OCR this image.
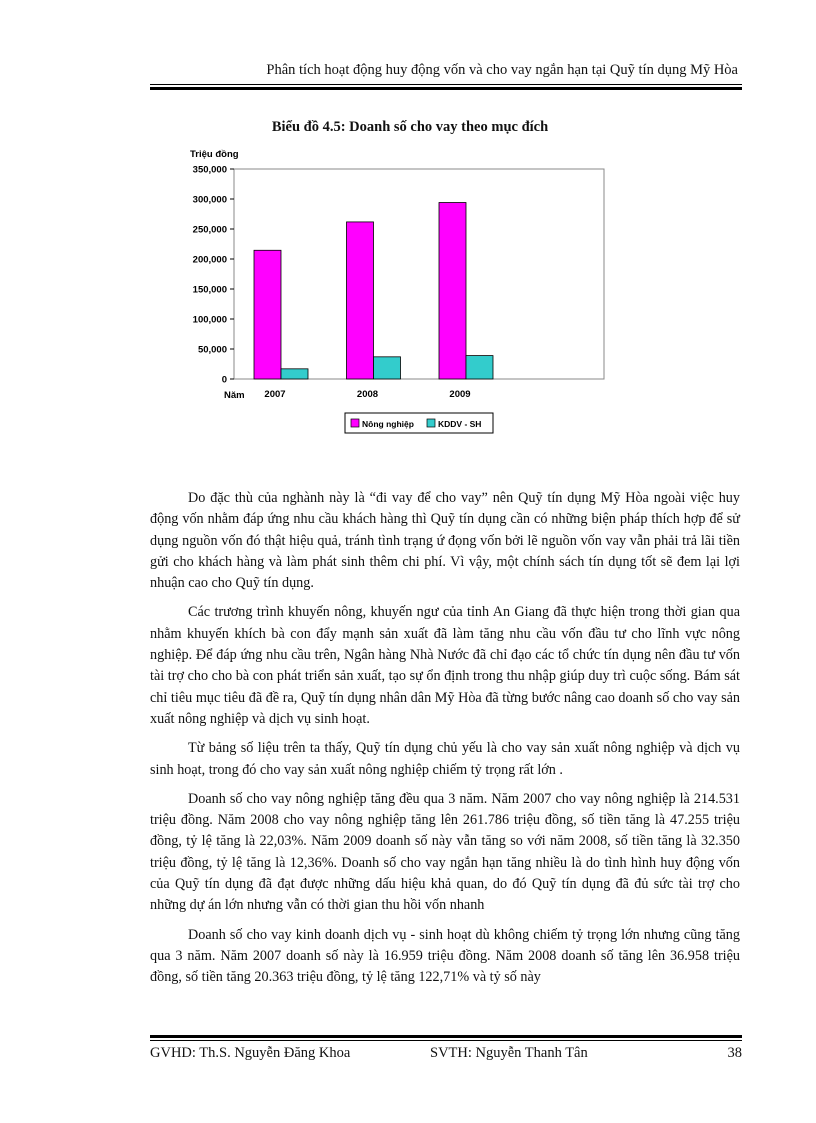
Phân tích hoạt động huy động vốn và cho vay ngắn hạn tại Quỹ tín dụng Mỹ Hòa
Biểu đồ 4.5: Doanh số cho vay theo mục đích
Triệu đồng
0
50,000
100,000
150,000
200,000
250,000
300,000
350,000
2007	2008	2009
Năm
Nông nghiệp	KDDV - SH

Do đặc thù của nghành này là “đi vay để cho vay” nên Quỹ tín dụng Mỹ Hòa ngoài việc huy động vốn nhằm đáp ứng nhu cầu khách hàng thì Quỹ tín dụng cần có những biện pháp thích hợp để sử dụng nguồn vốn đó thật hiệu quả, tránh tình trạng ứ đọng vốn bởi lẽ nguồn vốn vay vẫn phải trả lãi tiền gửi cho khách hàng và làm phát sinh thêm chi phí. Vì vậy, một chính sách tín dụng tốt sẽ đem lại lợi nhuận cao cho Quỹ tín dụng.

Các trương trình khuyến nông, khuyến ngư của tỉnh An Giang đã thực hiện trong thời gian qua nhằm khuyến khích bà con đẩy mạnh sản xuất đã làm tăng nhu cầu vốn đầu tư cho lĩnh vực nông nghiệp. Để đáp ứng nhu cầu trên, Ngân hàng Nhà Nước đã chỉ đạo các tổ chức tín dụng nên đầu tư vốn tài trợ cho cho bà con phát triển sản xuất, tạo sự ổn định trong thu nhập giúp duy trì cuộc sống. Bám sát chỉ tiêu mục tiêu đã đề ra, Quỹ tín dụng nhân dân Mỹ Hòa đã từng bước nâng cao doanh số cho vay sản xuất nông nghiệp và dịch vụ sinh hoạt.

Từ bảng số liệu trên ta thấy, Quỹ tín dụng chủ yếu là cho vay sản xuất nông nghiệp và dịch vụ sinh hoạt, trong đó cho vay sản xuất nông nghiệp chiếm tỷ trọng rất lớn .

Doanh số cho vay nông nghiệp tăng đều qua 3 năm. Năm 2007 cho vay nông nghiệp là 214.531 triệu đồng. Năm 2008 cho vay nông nghiệp tăng lên 261.786 triệu đồng, số tiền tăng là 47.255 triệu đồng, tỷ lệ tăng là 22,03%. Năm 2009 doanh số này vẫn tăng so với năm 2008, số tiền tăng là 32.350 triệu đồng, tỷ lệ tăng là 12,36%. Doanh số cho vay ngắn hạn tăng nhiều là do tình hình huy động vốn của Quỹ tín dụng đã đạt được những dấu hiệu khả quan, do đó Quỹ tín dụng đã đủ sức tài trợ cho những dự án lớn nhưng vẫn có thời gian thu hồi vốn nhanh

Doanh số cho vay kinh doanh dịch vụ - sinh hoạt dù không chiếm tỷ trọng lớn nhưng cũng tăng qua 3 năm. Năm 2007 doanh số này là 16.959 triệu đồng. Năm 2008 doanh số tăng lên 36.958 triệu đồng, số tiền tăng 20.363 triệu đồng, tỷ lệ tăng 122,71% và tỷ số này

GVHD: Th.S. Nguyễn Đăng Khoa	SVTH: Nguyễn Thanh Tân	38
